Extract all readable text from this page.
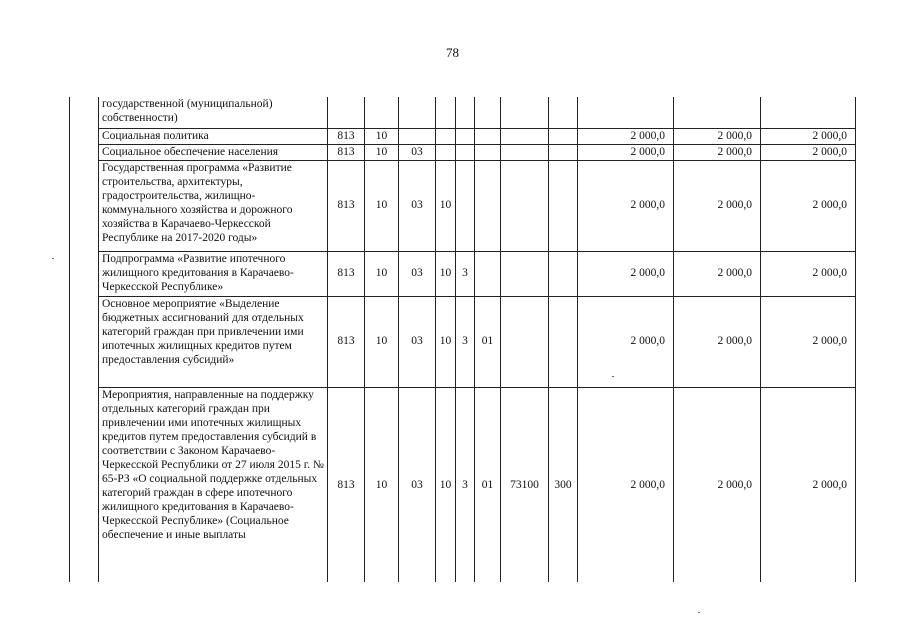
78
	государственной (муниципальной) собственности)											
	Социальная политика	813	10							2 000,0	2 000,0	2 000,0
	Социальное обеспечение населения	813	10	03						2 000,0	2 000,0	2 000,0
	Государственная программа «Развитие строительства, архитектуры, градостроительства, жилищно-коммунального хозяйства и дорожного хозяйства в Карачаево-Черкесской Республике на 2017-2020 годы»	813	10	03	10					2 000,0	2 000,0	2 000,0
	Подпрограмма «Развитие ипотечного жилищного кредитования в Карачаево-Черкесской Республике»	813	10	03	10	3				2 000,0	2 000,0	2 000,0
	Основное мероприятие «Выделение бюджетных ассигнований для отдельных категорий граждан при привлечении ими ипотечных жилищных кредитов путем предоставления субсидий»	813	10	03	10	3	01			2 000,0	2 000,0	2 000,0
	Мероприятия, направленные на поддержку отдельных категорий граждан при привлечении ими ипотечных жилищных кредитов путем предоставления субсидий в соответствии с Законом Карачаево-Черкесской Республики от 27 июля 2015 г. № 65-РЗ «О социальной поддержке отдельных категорий граждан в сфере ипотечного жилищного кредитования в Карачаево-Черкесской Республике» (Социальное обеспечение и иные выплаты	813	10	03	10	3	01	73100	300	2 000,0	2 000,0	2 000,0
